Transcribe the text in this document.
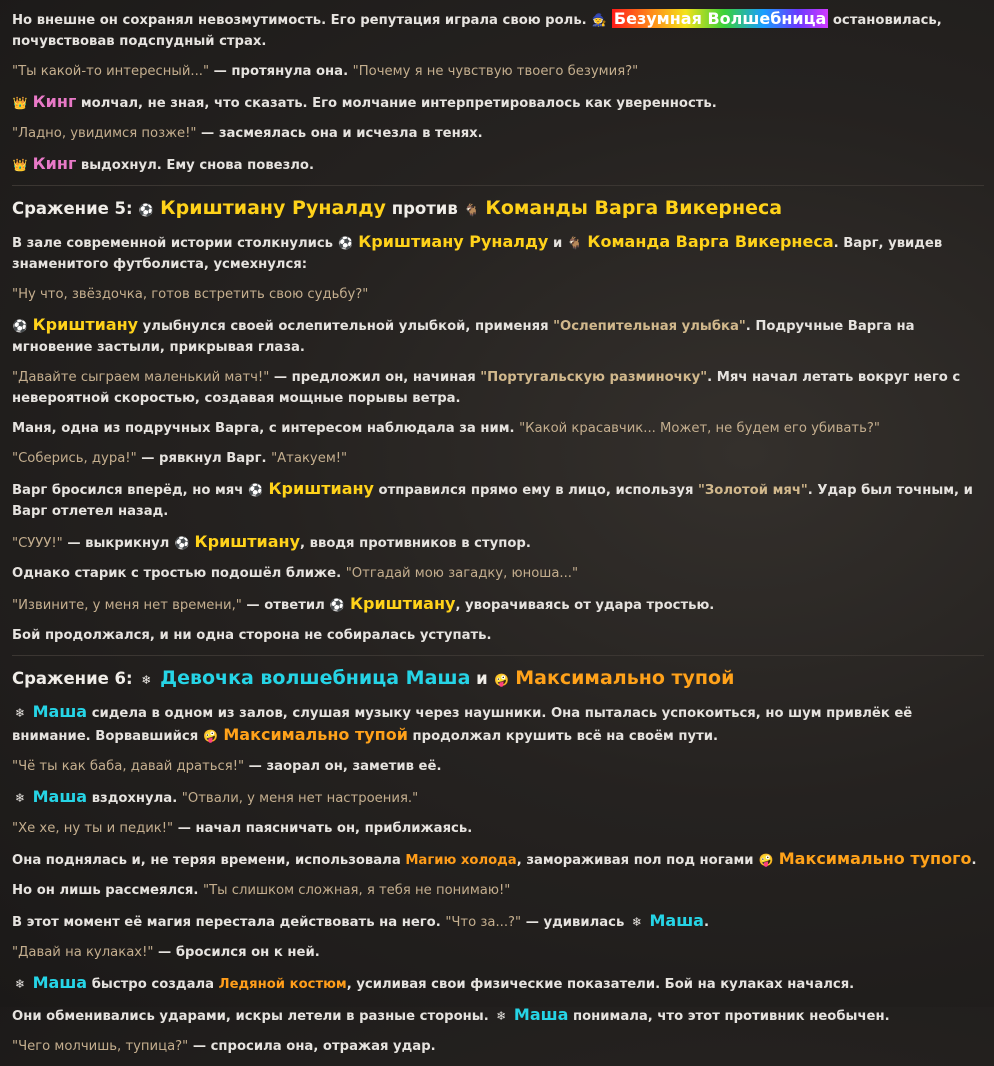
Но внешне он сохранял невозмутимость. Его репутация играла свою роль. 🧙 Безумная Волшебница остановилась, почувствовав подспудный страх.

"Ты какой-то интересный..." — протянула она. "Почему я не чувствую твоего безумия?"

👑 Кинг молчал, не зная, что сказать. Его молчание интерпретировалось как уверенность.

"Ладно, увидимся позже!" — засмеялась она и исчезла в тенях.

👑 Кинг выдохнул. Ему снова повезло.

Сражение 5: ⚽ Криштиану Руналду против 🐐 Команды Варга Викернеса

В зале современной истории столкнулись ⚽ Криштиану Руналду и 🐐 Команда Варга Викернеса. Варг, увидев знаменитого футболиста, усмехнулся:

"Ну что, звёздочка, готов встретить свою судьбу?"

⚽ Криштиану улыбнулся своей ослепительной улыбкой, применяя "Ослепительная улыбка". Подручные Варга на мгновение застыли, прикрывая глаза.

"Давайте сыграем маленький матч!" — предложил он, начиная "Португальскую разминочку". Мяч начал летать вокруг него с невероятной скоростью, создавая мощные порывы ветра.

Маня, одна из подручных Варга, с интересом наблюдала за ним. "Какой красавчик... Может, не будем его убивать?"

"Соберись, дура!" — рявкнул Варг. "Атакуем!"

Варг бросился вперёд, но мяч ⚽ Криштиану отправился прямо ему в лицо, используя "Золотой мяч". Удар был точным, и Варг отлетел назад.

"СУУУ!" — выкрикнул ⚽ Криштиану, вводя противников в ступор.

Однако старик с тростью подошёл ближе. "Отгадай мою загадку, юноша..."

"Извините, у меня нет времени," — ответил ⚽ Криштиану, уворачиваясь от удара тростью.

Бой продолжался, и ни одна сторона не собиралась уступать.

Сражение 6: ❄ Девочка волшебница Маша и 🤪 Максимально тупой

❄ Маша сидела в одном из залов, слушая музыку через наушники. Она пыталась успокоиться, но шум привлёк её внимание. Ворвавшийся 🤪 Максимально тупой продолжал крушить всё на своём пути.

"Чё ты как баба, давай драться!" — заорал он, заметив её.

❄ Маша вздохнула. "Отвали, у меня нет настроения."

"Хе хе, ну ты и педик!" — начал паясничать он, приближаясь.

Она поднялась и, не теряя времени, использовала Магию холода, замораживая пол под ногами 🤪 Максимально тупого.

Но он лишь рассмеялся. "Ты слишком сложная, я тебя не понимаю!"

В этот момент её магия перестала действовать на него. "Что за...?" — удивилась ❄ Маша.

"Давай на кулаках!" — бросился он к ней.

❄ Маша быстро создала Ледяной костюм, усиливая свои физические показатели. Бой на кулаках начался.

Они обменивались ударами, искры летели в разные стороны. ❄ Маша понимала, что этот противник необычен.

"Чего молчишь, тупица?" — спросила она, отражая удар.
